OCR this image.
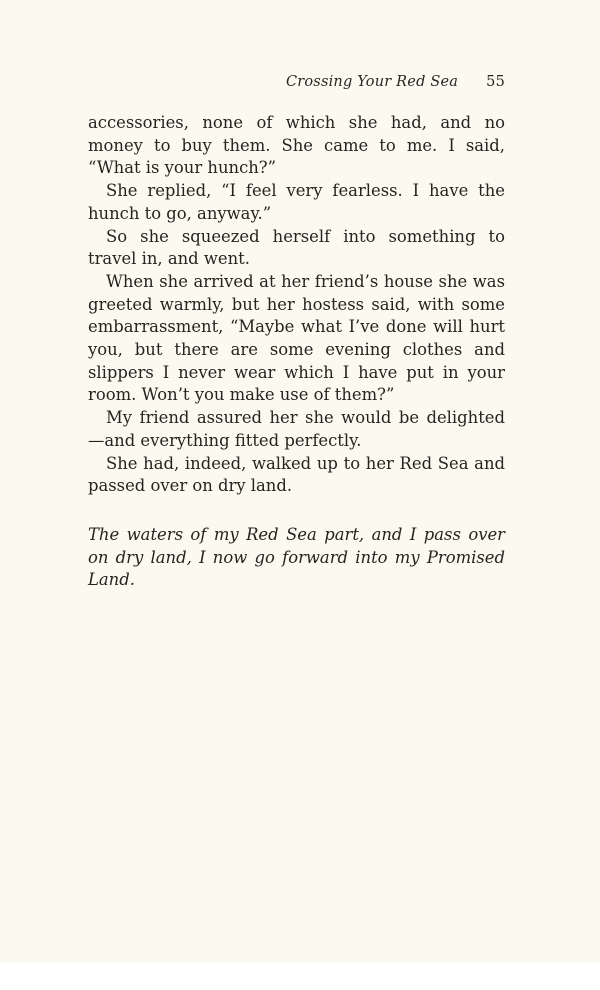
Crossing Your Red Sea 55

accessories, none of which she had, and no money to buy them. She came to me. I said, “What is your hunch?”

She replied, “I feel very fearless. I have the hunch to go, anyway.”

So she squeezed herself into something to travel in, and went.

When she arrived at her friend’s house she was greeted warmly, but her hostess said, with some embarrassment, “Maybe what I’ve done will hurt you, but there are some evening clothes and slippers I never wear which I have put in your room. Won’t you make use of them?”

My friend assured her she would be delighted—and everything fitted perfectly.

She had, indeed, walked up to her Red Sea and passed over on dry land.

The waters of my Red Sea part, and I pass over on dry land, I now go forward into my Promised Land.
